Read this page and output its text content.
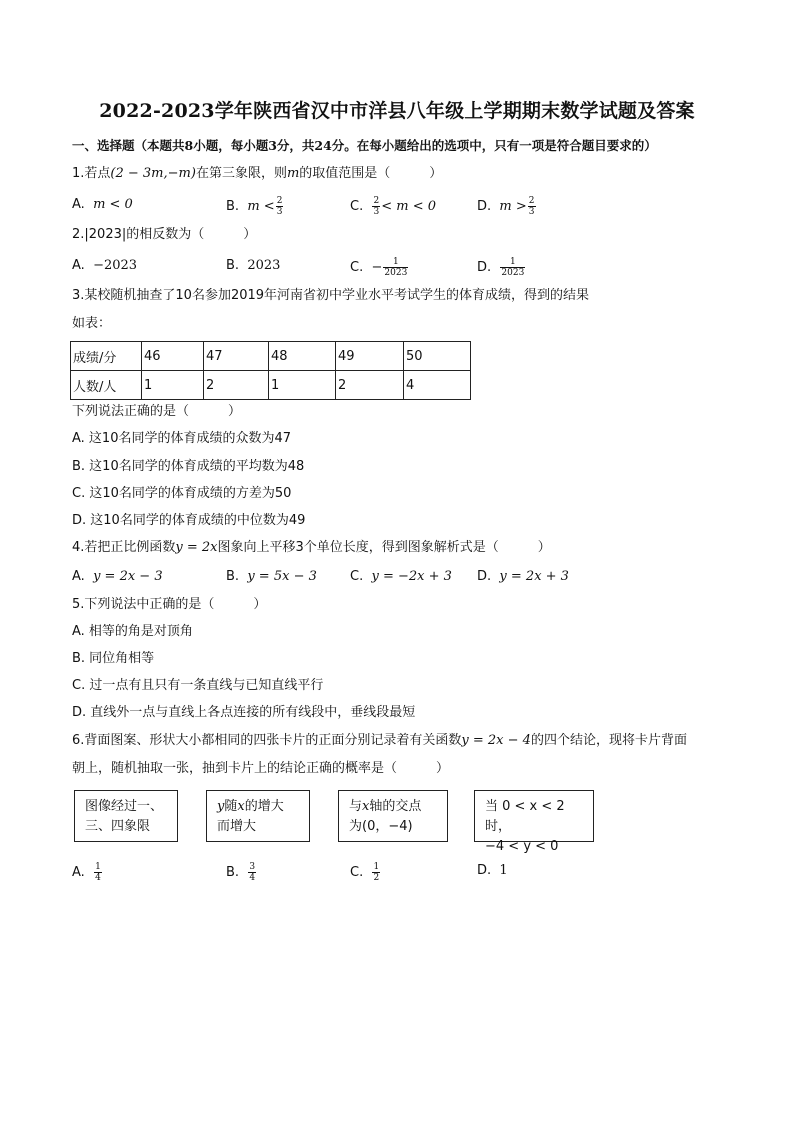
2022-2023学年陕西省汉中市洋县八年级上学期期末数学试题及答案
一、选择题（本题共8小题，每小题3分，共24分。在每小题给出的选项中，只有一项是符合题目要求的）
1.若点(2 − 3m,−m)在第三象限，则m的取值范围是（　　　）
A. m < 0	B. $m < \frac{2}{3}$	C. $\frac{2}{3} < m < 0$	D. $m > \frac{2}{3}$
2.|2023|的相反数为（　　　）
A. −2023	B. 2023	C. − $\frac{1}{2023}$	D. $\frac{1}{2023}$
3.某校随机抽查了10名参加2019年河南省初中学业水平考试学生的体育成绩，得到的结果
如表：
成绩/分	46	47	48	49	50
人数/人	1	2	1	2	4
下列说法正确的是（　　　）
A. 这10名同学的体育成绩的众数为47
B. 这10名同学的体育成绩的平均数为48
C. 这10名同学的体育成绩的方差为50
D. 这10名同学的体育成绩的中位数为49
4.若把正比例函数y = 2x图象向上平移3个单位长度，得到图象解析式是（　　　）
A. y = 2x − 3	B. y = 5x − 3	C. y = −2x + 3 D. y = 2x + 3
5.下列说法中正确的是（　　　）
A. 相等的角是对顶角
B. 同位角相等
C. 过一点有且只有一条直线与已知直线平行
D. 直线外一点与直线上各点连接的所有线段中，垂线段最短
6.背面图案、形状大小都相同的四张卡片的正面分别记录着有关函数y = 2x − 4的四个结论，现将卡片背面
朝上，随机抽取一张，抽到卡片上的结论正确的概率是（　　　）
图像经过一、
三、四象限
y随x的增大
而增大
与x轴的交点
为(0，−4)
当 0 < x < 2 时，
−4 < y < 0
A. $\frac{1}{4}$	B. $\frac{3}{4}$	C. $\frac{1}{2}$	D. 1
